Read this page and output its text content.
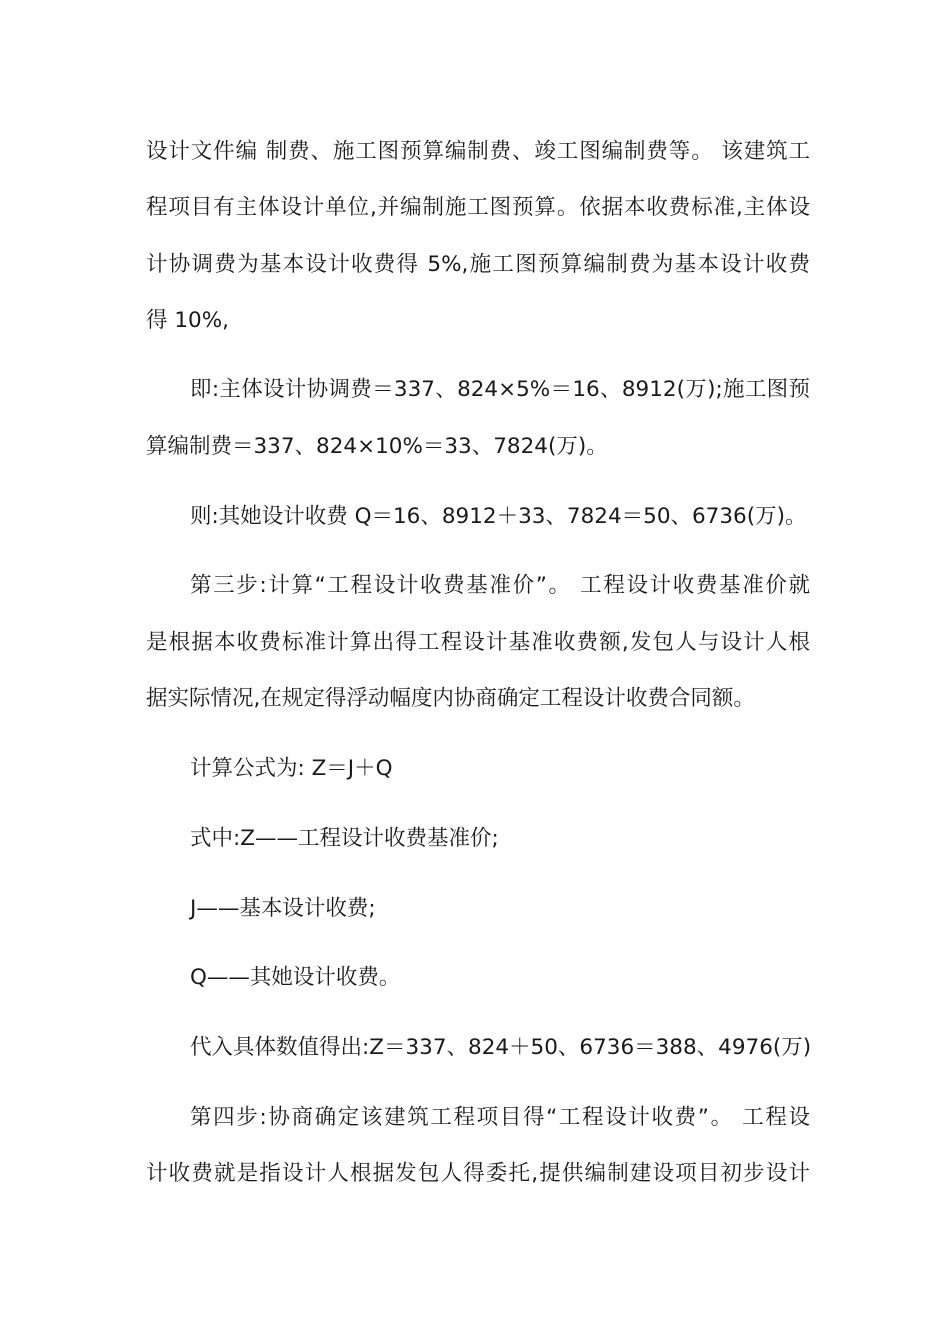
设计文件编 制费、施工图预算编制费、竣工图编制费等。 该建筑工
程项目有主体设计单位,并编制施工图预算。依据本收费标准,主体设
计协调费为基本设计收费得 5%,施工图预算编制费为基本设计收费
得 10%,
即:主体设计协调费＝337、824×5%＝16、8912(万);施工图预
算编制费＝337、824×10%＝33、7824(万)。
则:其她设计收费 Q＝16、8912＋33、7824＝50、6736(万)。
第三步:计算“工程设计收费基准价”。 工程设计收费基准价就
是根据本收费标准计算出得工程设计基准收费额,发包人与设计人根
据实际情况,在规定得浮动幅度内协商确定工程设计收费合同额。
计算公式为: Z＝J＋Q
式中:Z——工程设计收费基准价;
J——基本设计收费;
Q——其她设计收费。
代入具体数值得出:Z＝337、824＋50、6736＝388、4976(万)
第四步:协商确定该建筑工程项目得“工程设计收费”。 工程设
计收费就是指设计人根据发包人得委托,提供编制建设项目初步设计
